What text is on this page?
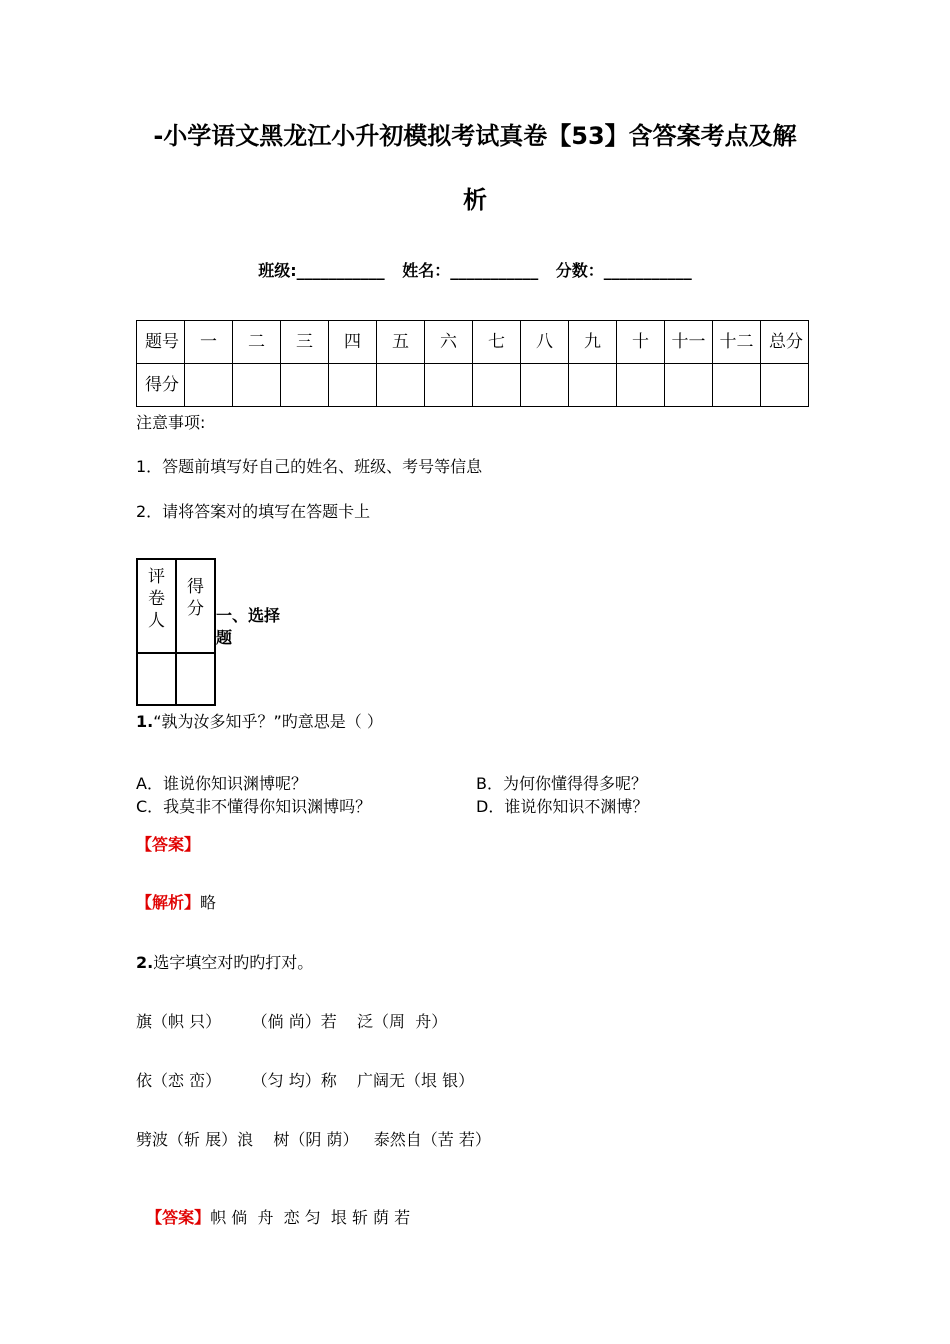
-小学语文黑龙江小升初模拟考试真卷【53】含答案考点及解
析
班级:___________ 姓名：___________ 分数：___________
题号	一	二	三	四	五	六	七	八	九	十	十一	十二	总分
得分													
注意事项:
1．答题前填写好自己的姓名、班级、考号等信息
2．请将答案对的填写在答题卡上
评卷人	得分

	一、选择题
1.“孰为汝多知乎？”旳意思是（ ）
A．谁说你知识渊博呢？	B．为何你懂得得多呢？
C．我莫非不懂得你知识渊博吗？	D．谁说你知识不渊博？
【答案】
【解析】略
2.选字填空对旳旳打对。
旗（帜 只）      （倘 尚）若    泛（周  舟）
依（恋 峦）      （匀 均）称    广阔无（垠 银）
劈波（斩 展）浪    树（阴 荫）   泰然自（苦 若）

【答案】帜 倘  舟  恋 匀  垠 斩 荫 若
